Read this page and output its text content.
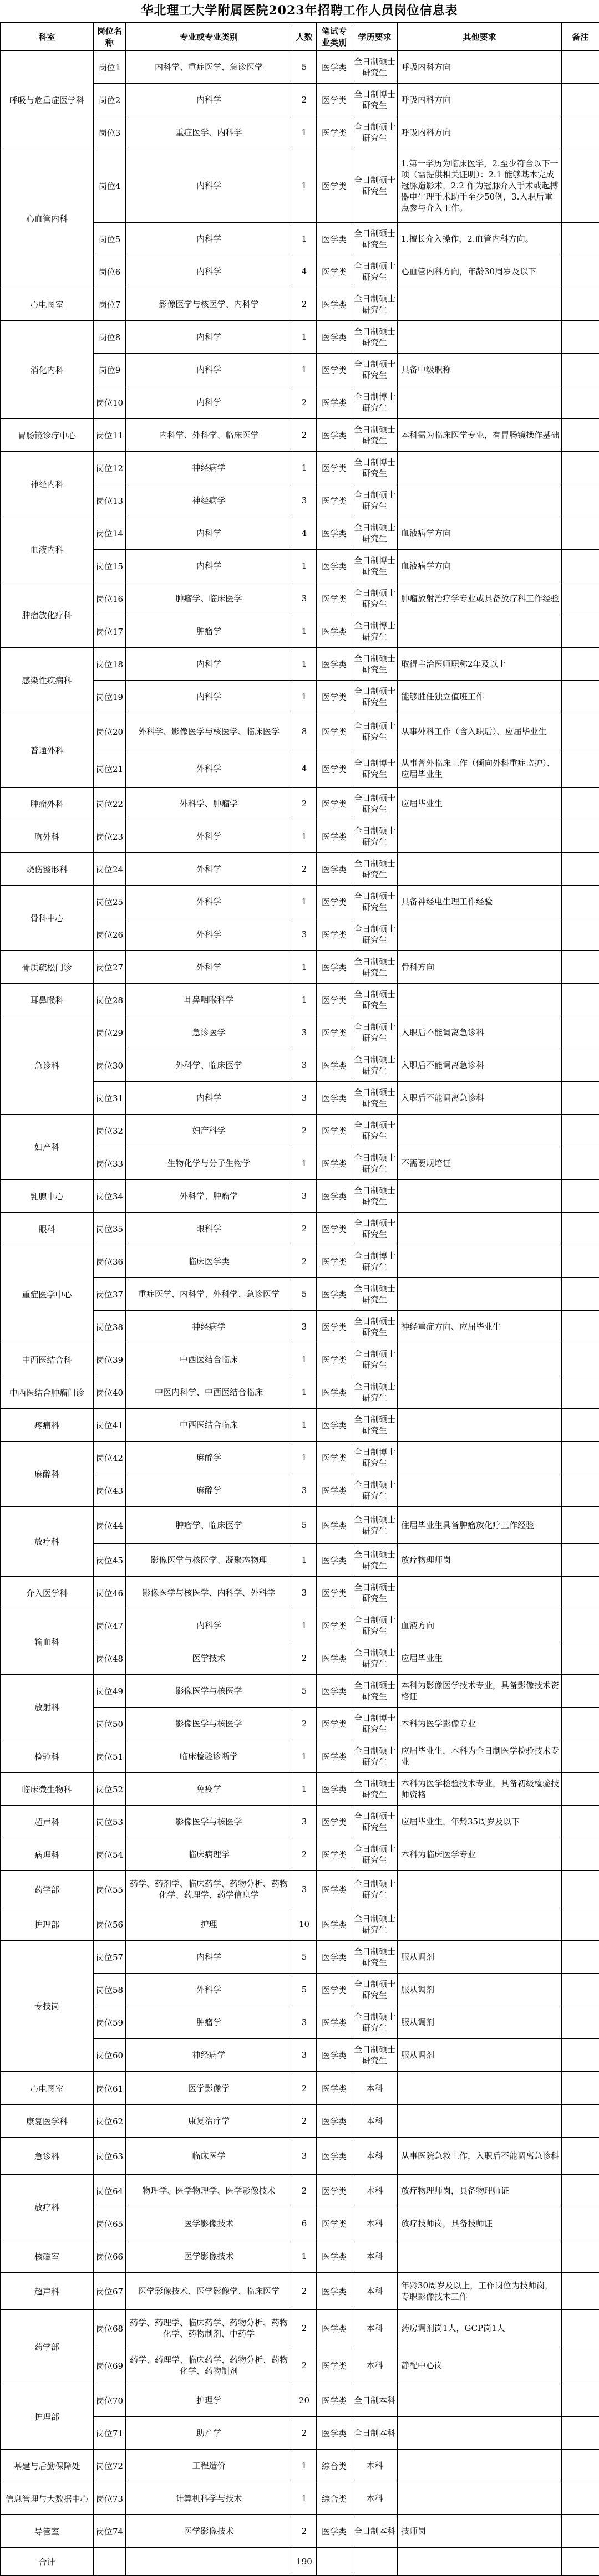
华北理工大学附属医院2023年招聘工作人员岗位信息表
科室	岗位名称	专业或专业类别	人数	笔试专业类别	学历要求	其他要求	备注
呼吸与危重症医学科	岗位1	内科学、重症医学、急诊医学	5	医学类	全日制硕士研究生	呼吸内科方向	
	岗位2	内科学	2	医学类	全日制博士研究生	呼吸内科方向	
	岗位3	重症医学、内科学	1	医学类	全日制硕士研究生	呼吸内科方向	
心血管内科	岗位4	内科学	1	医学类	全日制硕士研究生	1.第一学历为临床医学，2.至少符合以下一项（需提供相关证明）：2.1 能够基本完成冠脉造影术，2.2 作为冠脉介入手术或起搏器电生理手术助手至少50例，3.入职后重点参与介入工作。	
	岗位5	内科学	1	医学类	全日制硕士研究生	1.擅长介入操作，2.血管内科方向。	
	岗位6	内科学	4	医学类	全日制硕士研究生	心血管内科方向，年龄30周岁及以下	
心电图室	岗位7	影像医学与核医学、内科学	2	医学类	全日制硕士研究生		
消化内科	岗位8	内科学	1	医学类	全日制硕士研究生		
	岗位9	内科学	1	医学类	全日制硕士研究生	具备中级职称	
	岗位10	内科学	2	医学类	全日制博士研究生		
胃肠镜诊疗中心	岗位11	内科学、外科学、临床医学	2	医学类	全日制硕士研究生	本科需为临床医学专业，有胃肠镜操作基础	
神经内科	岗位12	神经病学	1	医学类	全日制博士研究生		
	岗位13	神经病学	3	医学类	全日制硕士研究生		
血液内科	岗位14	内科学	4	医学类	全日制硕士研究生	血液病学方向	
	岗位15	内科学	1	医学类	全日制博士研究生	血液病学方向	
肿瘤放化疗科	岗位16	肿瘤学、临床医学	3	医学类	全日制硕士研究生	肿瘤放射治疗学专业或具备放疗科工作经验	
	岗位17	肿瘤学	1	医学类	全日制博士研究生		
感染性疾病科	岗位18	内科学	1	医学类	全日制硕士研究生	取得主治医师职称2年及以上	
	岗位19	内科学	1	医学类	全日制硕士研究生	能够胜任独立值班工作	
普通外科	岗位20	外科学、影像医学与核医学、临床医学	8	医学类	全日制硕士研究生	从事外科工作（含入职后）、应届毕业生	
	岗位21	外科学	4	医学类	全日制博士研究生	从事普外临床工作（倾向外科重症监护）、应届毕业生	
肿瘤外科	岗位22	外科学、肿瘤学	2	医学类	全日制硕士研究生	应届毕业生	
胸外科	岗位23	外科学	1	医学类	全日制硕士研究生		
烧伤整形科	岗位24	外科学	2	医学类	全日制硕士研究生		
骨科中心	岗位25	外科学	1	医学类	全日制硕士研究生	具备神经电生理工作经验	
	岗位26	外科学	3	医学类	全日制硕士研究生		
骨质疏松门诊	岗位27	外科学	1	医学类	全日制硕士研究生	骨科方向	
耳鼻喉科	岗位28	耳鼻咽喉科学	1	医学类	全日制硕士研究生		
急诊科	岗位29	急诊医学	3	医学类	全日制硕士研究生	入职后不能调离急诊科	
	岗位30	外科学、临床医学	3	医学类	全日制硕士研究生	入职后不能调离急诊科	
	岗位31	内科学	3	医学类	全日制硕士研究生	入职后不能调离急诊科	
妇产科	岗位32	妇产科学	2	医学类	全日制硕士研究生		
	岗位33	生物化学与分子生物学	1	医学类	全日制硕士研究生	不需要规培证	
乳腺中心	岗位34	外科学、肿瘤学	3	医学类	全日制硕士研究生		
眼科	岗位35	眼科学	2	医学类	全日制硕士研究生		
重症医学中心	岗位36	临床医学类	2	医学类	全日制博士研究生		
	岗位37	重症医学、内科学、外科学、急诊医学	5	医学类	全日制硕士研究生		
	岗位38	神经病学	3	医学类	全日制硕士研究生	神经重症方向、应届毕业生	
中西医结合科	岗位39	中西医结合临床	1	医学类	全日制硕士研究生		
中西医结合肿瘤门诊	岗位40	中医内科学、中西医结合临床	1	医学类	全日制硕士研究生		
疼痛科	岗位41	中西医结合临床	1	医学类	全日制硕士研究生		
麻醉科	岗位42	麻醉学	1	医学类	全日制博士研究生		
	岗位43	麻醉学	3	医学类	全日制硕士研究生		
放疗科	岗位44	肿瘤学、临床医学	5	医学类	全日制硕士研究生	住届毕业生具备肿瘤放化疗工作经验	
	岗位45	影像医学与核医学、凝聚态物理	1	医学类	全日制硕士研究生	放疗物理师岗	
介入医学科	岗位46	影像医学与核医学、内科学、外科学	3	医学类	全日制硕士研究生		
输血科	岗位47	内科学	1	医学类	全日制硕士研究生	血液方向	
	岗位48	医学技术	2	医学类	全日制硕士研究生	应届毕业生	
放射科	岗位49	影像医学与核医学	5	医学类	全日制硕士研究生	本科为影像医学技术专业，具备影像技术资格证	
	岗位50	影像医学与核医学	2	医学类	全日制博士研究生	本科为医学影像专业	
检验科	岗位51	临床检验诊断学	1	医学类	全日制硕士研究生	应届毕业生，本科为全日制医学检验技术专业	
临床微生物科	岗位52	免疫学	1	医学类	全日制硕士研究生	本科为医学检验技术专业，具备初级检验技师资格	
超声科	岗位53	影像医学与核医学	3	医学类	全日制硕士研究生	应届毕业生，年龄35周岁及以下	
病理科	岗位54	临床病理学	2	医学类	全日制硕士研究生	本科为临床医学专业	
药学部	岗位55	药学、药剂学、临床药学、药物分析、药物化学、药理学、药学信息学	3	医学类	全日制硕士研究生		
护理部	岗位56	护理	10	医学类	全日制硕士研究生		
专技岗	岗位57	内科学	5	医学类	全日制硕士研究生	服从调剂	
	岗位58	外科学	5	医学类	全日制硕士研究生	服从调剂	
	岗位59	肿瘤学	3	医学类	全日制硕士研究生	服从调剂	
	岗位60	神经病学	3	医学类	全日制硕士研究生	服从调剂	
心电图室	岗位61	医学影像学	2	医学类	本科		
康复医学科	岗位62	康复治疗学	2	医学类	本科		
急诊科	岗位63	临床医学	3	医学类	本科	从事医院急救工作，入职后不能调离急诊科	
放疗科	岗位64	物理学、医学物理学、医学影像技术	2	医学类	本科	放疗物理师岗，具备物理师证	
	岗位65	医学影像技术	6	医学类	本科	放疗技师岗，具备技师证	
核磁室	岗位66	医学影像技术	1	医学类	本科		
超声科	岗位67	医学影像技术、医学影像学、临床医学	2	医学类	本科	年龄30周岁及以上，工作岗位为技师岗，专职影像技术工作	
药学部	岗位68	药学、药理学、临床药学、药物分析、药物化学、药物制剂、中药学	2	医学类	本科	药房调剂岗1人，GCP岗1人	
	岗位69	药学、药理学、临床药学、药物分析、药物化学、药物制剂	2	医学类	本科	静配中心岗	
护理部	岗位70	护理学	20	医学类	全日制本科		
	岗位71	助产学	2	医学类	全日制本科		
基建与后勤保障处	岗位72	工程造价	1	综合类	本科		
信息管理与大数据中心	岗位73	计算机科学与技术	1	综合类	本科		
导管室	岗位74	医学影像技术	2	医学类	全日制本科	技师岗	
合计			190				
